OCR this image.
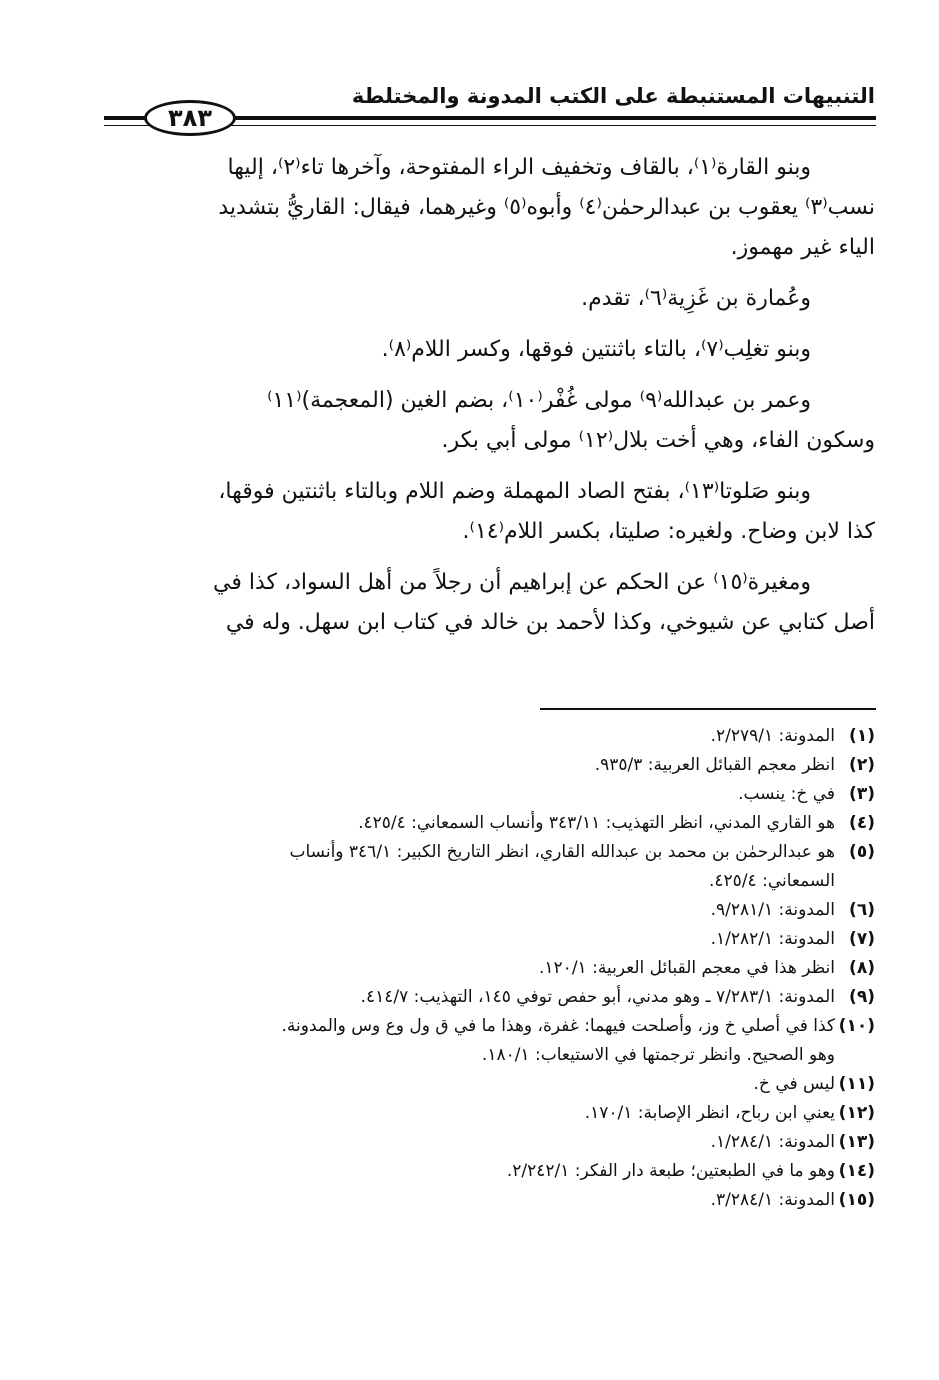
التنبيهات المستنبطة على الكتب المدونة والمختلطة
٣٨٣

وبنو القارة⁽١⁾، بالقاف وتخفيف الراء المفتوحة، وآخرها تاء⁽٢⁾، إليها
نسب⁽٣⁾ يعقوب بن عبدالرحمٰن⁽٤⁾ وأبوه⁽٥⁾ وغيرهما، فيقال: القاريُّ بتشديد
الياء غير مهموز.

وعُمارة بن غَزِية⁽٦⁾، تقدم.

وبنو تغلِب⁽٧⁾، بالتاء باثنتين فوقها، وكسر اللام⁽٨⁾.

وعمر بن عبدالله⁽٩⁾ مولى غُفْر⁽١٠⁾، بضم الغين (المعجمة)⁽١١⁾
وسكون الفاء، وهي أخت بلال⁽١٢⁾ مولى أبي بكر.

وبنو صَلوتا⁽١٣⁾، بفتح الصاد المهملة وضم اللام وبالتاء باثنتين فوقها،
كذا لابن وضاح. ولغيره: صليتا، بكسر اللام⁽١٤⁾.

ومغيرة⁽١٥⁾ عن الحكم عن إبراهيم أن رجلاً من أهل السواد، كذا في
أصل كتابي عن شيوخي، وكذا لأحمد بن خالد في كتاب ابن سهل. وله في

(١)المدونة: ٢/٢٧٩/١.
(٢)انظر معجم القبائل العربية: ٩٣٥/٣.
(٣)في خ: ينسب.
(٤)هو القاري المدني، انظر التهذيب: ٣٤٣/١١ وأنساب السمعاني: ٤٢٥/٤.
(٥)هو عبدالرحمٰن بن محمد بن عبدالله القاري، انظر التاريخ الكبير: ٣٤٦/١ وأنساب
السمعاني: ٤٢٥/٤.
(٦)المدونة: ٩/٢٨١/١.
(٧)المدونة: ١/٢٨٢/١.
(٨)انظر هذا في معجم القبائل العربية: ١٢٠/١.
(٩)المدونة: ٧/٢٨٣/١ ـ وهو مدني، أبو حفص توفي ١٤٥، التهذيب: ٤١٤/٧.
(١٠)كذا في أصلي خ وز، وأصلحت فيهما: غفرة، وهذا ما في ق ول وع وس والمدونة.
وهو الصحيح. وانظر ترجمتها في الاستيعاب: ١٨٠/١.
(١١)ليس في خ.
(١٢)يعني ابن رباح، انظر الإصابة: ١٧٠/١.
(١٣)المدونة: ١/٢٨٤/١.
(١٤)وهو ما في الطبعتين؛ طبعة دار الفكر: ٢/٢٤٢/١.
(١٥)المدونة: ٣/٢٨٤/١.
